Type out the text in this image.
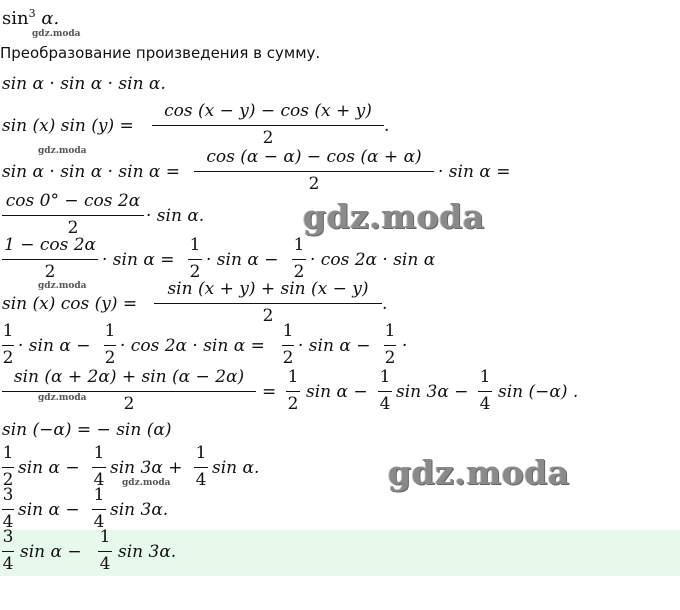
$\sin^3 \alpha$.
gdz.moda
Преобразование произведения в сумму.
sin α · sin α · sin α.
sin (x) sin (y) =
cos (x − y) − cos (x + y)
2
.
gdz.moda
sin α · sin α · sin α =
cos (α − α) − cos (α + α)
2
· sin α =
cos 0° − cos 2α
2
· sin α.	gdz.moda
1 − cos 2α
2
· sin α =
1
2
· sin α −
1
2
· cos 2α · sin α
gdz.moda
sin (x) cos (y) =
sin (x + y) + sin (x − y)
2
.
1
2
· sin α −
1
2
· cos 2α · sin α =
1
2
· sin α −
1
2
·
sin (α + 2α) + sin (α − 2α)
2
gdz.moda	=
1
2
sin α −
1
4
sin 3α −
1
4
sin (−α) .
sin (−α) = − sin (α)
1
2
sin α −
1
4
sin 3α +
1
4
sin α.
gdz.moda	gdz.moda
3
4
sin α −
1
4
sin 3α.
3
4
sin α −
1
4
sin 3α.
